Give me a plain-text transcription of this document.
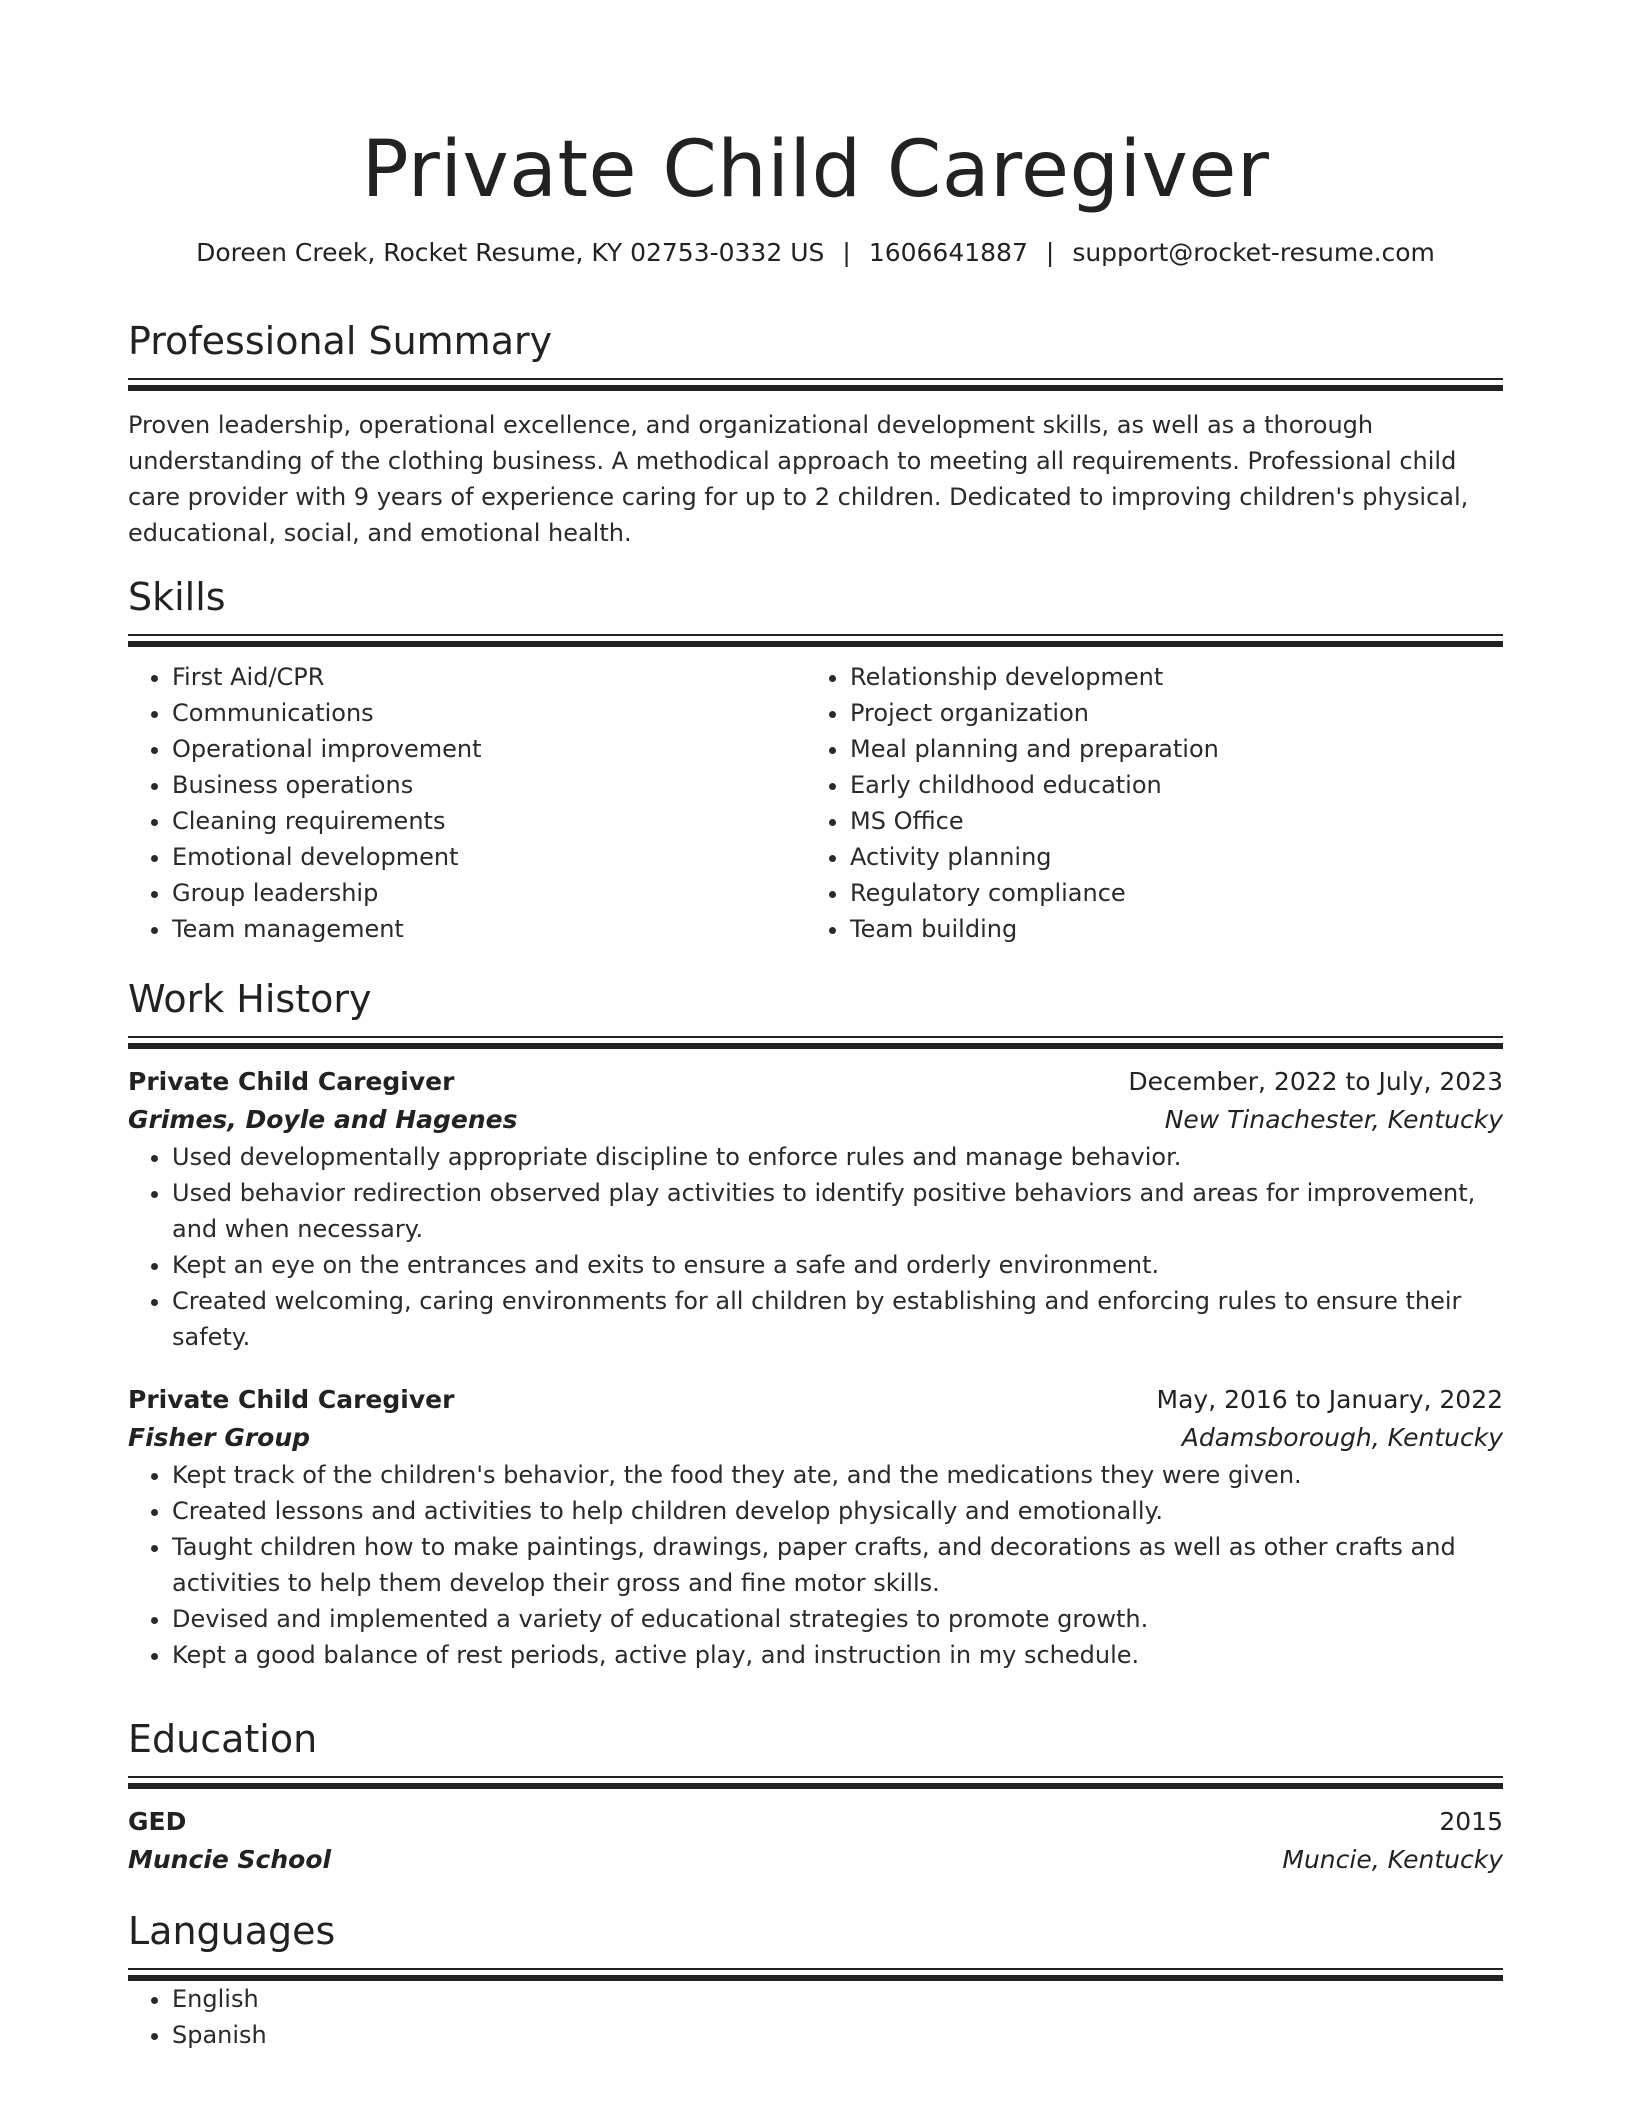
Private Child Caregiver
Doreen Creek, Rocket Resume, KY 02753-0332 US | 1606641887 | support@rocket-resume.com
Professional Summary
Proven leadership, operational excellence, and organizational development skills, as well as a thorough understanding of the clothing business. A methodical approach to meeting all requirements. Professional child care provider with 9 years of experience caring for up to 2 children. Dedicated to improving children's physical, educational, social, and emotional health.
Skills
• First Aid/CPR
• Communications
• Operational improvement
• Business operations
• Cleaning requirements
• Emotional development
• Group leadership
• Team management
• Relationship development
• Project organization
• Meal planning and preparation
• Early childhood education
• MS Office
• Activity planning
• Regulatory compliance
• Team building
Work History
Private Child Caregiver	December, 2022 to July, 2023
Grimes, Doyle and Hagenes	New Tinachester, Kentucky
• Used developmentally appropriate discipline to enforce rules and manage behavior.
• Used behavior redirection observed play activities to identify positive behaviors and areas for improvement, and when necessary.
• Kept an eye on the entrances and exits to ensure a safe and orderly environment.
• Created welcoming, caring environments for all children by establishing and enforcing rules to ensure their safety.
Private Child Caregiver	May, 2016 to January, 2022
Fisher Group	Adamsborough, Kentucky
• Kept track of the children's behavior, the food they ate, and the medications they were given.
• Created lessons and activities to help children develop physically and emotionally.
• Taught children how to make paintings, drawings, paper crafts, and decorations as well as other crafts and activities to help them develop their gross and fine motor skills.
• Devised and implemented a variety of educational strategies to promote growth.
• Kept a good balance of rest periods, active play, and instruction in my schedule.
Education
GED	2015
Muncie School	Muncie, Kentucky
Languages
• English
• Spanish
